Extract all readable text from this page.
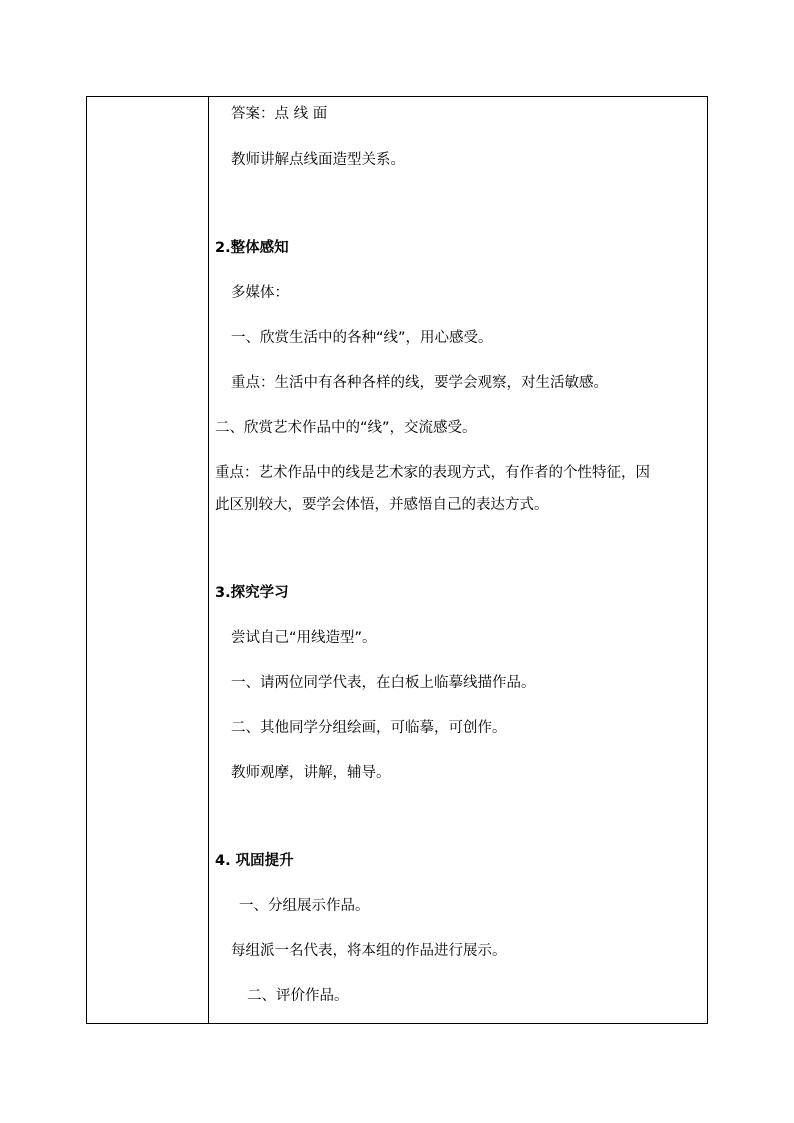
答案：点 线 面
教师讲解点线面造型关系。
2.整体感知
多媒体：
一、欣赏生活中的各种“线”，用心感受。
重点：生活中有各种各样的线，要学会观察，对生活敏感。
二、欣赏艺术作品中的“线”，交流感受。
重点：艺术作品中的线是艺术家的表现方式，有作者的个性特征，因
此区别较大，要学会体悟，并感悟自己的表达方式。
3.探究学习
尝试自己“用线造型”。
一、请两位同学代表，在白板上临摹线描作品。
二、其他同学分组绘画，可临摹，可创作。
教师观摩，讲解，辅导。
4. 巩固提升
一、分组展示作品。
每组派一名代表，将本组的作品进行展示。
二、评价作品。
